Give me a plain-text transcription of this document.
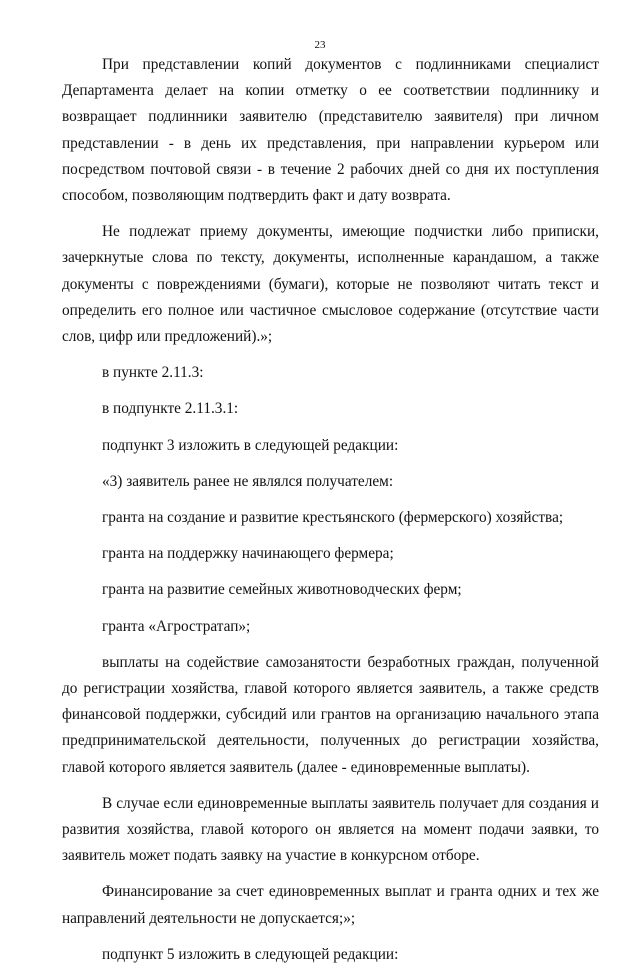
23

При представлении копий документов с подлинниками специалист Департамента делает на копии отметку о ее соответствии подлиннику и возвращает подлинники заявителю (представителю заявителя) при личном представлении - в день их представления, при направлении курьером или посредством почтовой связи - в течение 2 рабочих дней со дня их поступления способом, позволяющим подтвердить факт и дату возврата.

Не подлежат приему документы, имеющие подчистки либо приписки, зачеркнутые слова по тексту, документы, исполненные карандашом, а также документы с повреждениями (бумаги), которые не позволяют читать текст и определить его полное или частичное смысловое содержание (отсутствие части слов, цифр или предложений).»;

в пункте 2.11.3:

в подпункте 2.11.3.1:

подпункт 3 изложить в следующей редакции:

«3) заявитель ранее не являлся получателем:

гранта на создание и развитие крестьянского (фермерского) хозяйства;

гранта на поддержку начинающего фермера;

гранта на развитие семейных животноводческих ферм;

гранта «Агростратап»;

выплаты на содействие самозанятости безработных граждан, полученной до регистрации хозяйства, главой которого является заявитель, а также средств финансовой поддержки, субсидий или грантов на организацию начального этапа предпринимательской деятельности, полученных до регистрации хозяйства, главой которого является заявитель (далее - единовременные выплаты).

В случае если единовременные выплаты заявитель получает для создания и развития хозяйства, главой которого он является на момент подачи заявки, то заявитель может подать заявку на участие в конкурсном отборе.

Финансирование за счет единовременных выплат и гранта одних и тех же направлений деятельности не допускается;»;

подпункт 5 изложить в следующей редакции:
